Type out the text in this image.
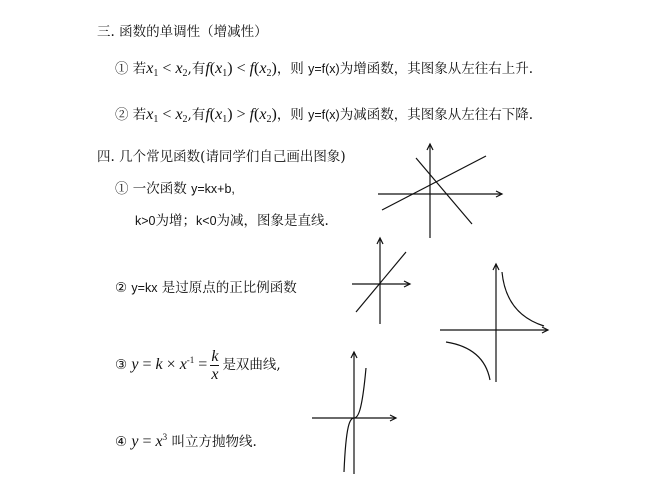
三. 函数的单调性（增减性）
① 若$x_1 < x_2$,有$f(x_1) < f(x_2)$，则 y=f(x)为增函数，其图象从左往右上升.
② 若$x_1 < x_2$,有$f(x_1) > f(x_2)$，则 y=f(x)为减函数，其图象从左往右下降.
四. 几个常见函数(请同学们自己画出图象)
① 一次函数 y=kx+b,
k>0为增；k<0为减，图象是直线.
② y=kx 是过原点的正比例函数
③ $y = k \times x^{-1} = \frac{k}{x}$ 是双曲线,
④ $y = x^3$ 叫立方抛物线.
